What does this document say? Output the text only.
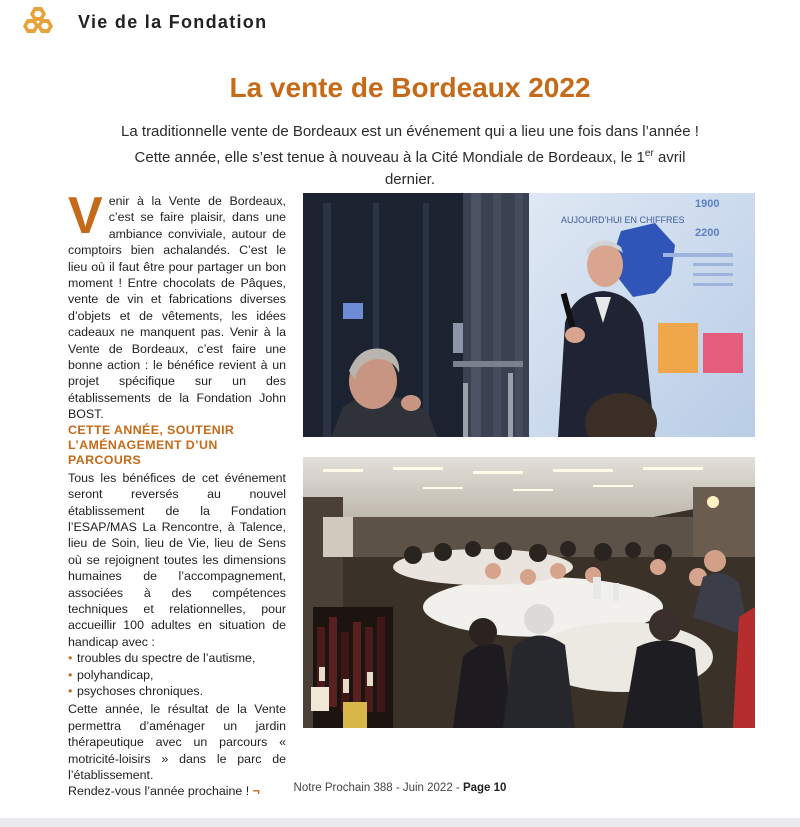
Vie de la Fondation
La vente de Bordeaux 2022
La traditionnelle vente de Bordeaux est un événement qui a lieu une fois dans l’année !
Cette année, elle s’est tenue à nouveau à la Cité Mondiale de Bordeaux, le 1er avril dernier.

Venir à la Vente de Bordeaux, c’est se faire plaisir, dans une ambiance conviviale, autour de comptoirs bien achalandés. C’est le lieu où il faut être pour partager un bon moment ! Entre chocolats de Pâques, vente de vin et fabrications diverses d’objets et de vêtements, les idées cadeaux ne manquent pas. Venir à la Vente de Bordeaux, c’est faire une bonne action : le bénéfice revient à un projet spécifique sur un des établissements de la Fondation John BOST.

CETTE ANNÉE, SOUTENIR L’AMÉNAGEMENT D’UN PARCOURS

Tous les bénéfices de cet événement seront reversés au nouvel établissement de la Fondation l’ESAP/MAS La Rencontre, à Talence, lieu de Soin, lieu de Vie, lieu de Sens où se rejoignent toutes les dimensions humaines de l’accompagnement, associées à des compétences techniques et relationnelles, pour accueillir 100 adultes en situation de handicap avec :

• troubles du spectre de l’autisme,
• polyhandicap,
• psychoses chroniques.

Cette année, le résultat de la Vente permettra d’aménager un jardin thérapeutique avec un parcours « motricité-loisirs » dans le parc de l’établissement.

Rendez-vous l’année prochaine ! ¬

AUJOURD’HUI EN CHIFFRES
1900
2200
Notre Prochain 388 - Juin 2022 - Page 10
